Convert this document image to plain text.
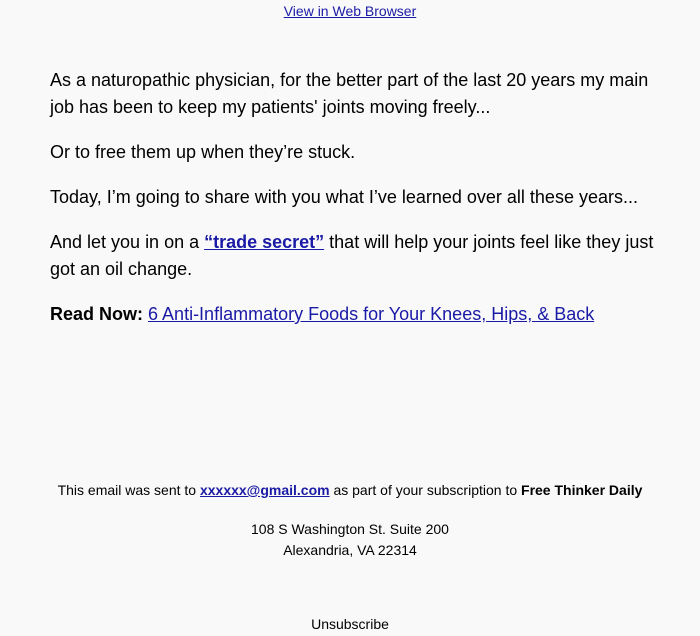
View in Web Browser

As a naturopathic physician, for the better part of the last 20 years my main job has been to keep my patients' joints moving freely...

Or to free them up when they’re stuck.

Today, I’m going to share with you what I’ve learned over all these years...

And let you in on a “trade secret” that will help your joints feel like they just got an oil change.

Read Now: 6 Anti-Inflammatory Foods for Your Knees, Hips, & Back

This email was sent to xxxxxx@gmail.com as part of your subscription to Free Thinker Daily
108 S Washington St. Suite 200
Alexandria, VA 22314
Unsubscribe
